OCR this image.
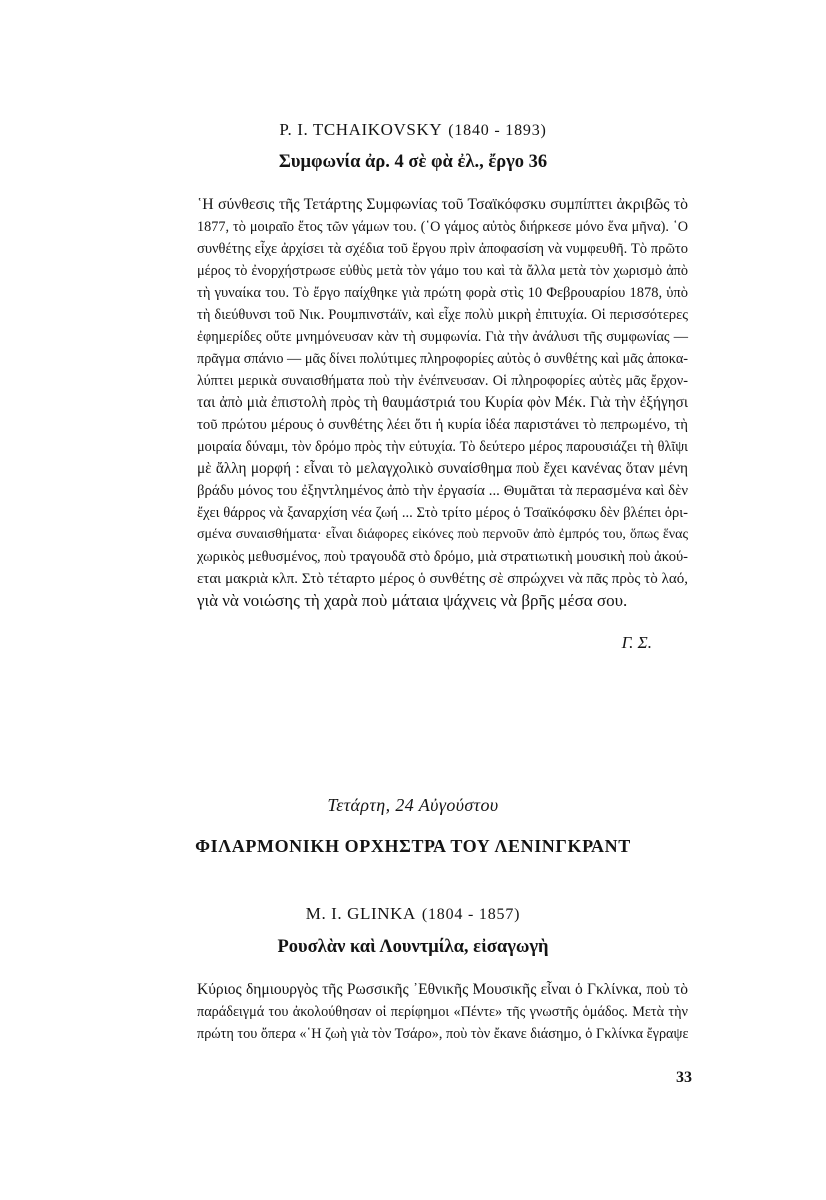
P. I. TCHAIKOVSKY (1840 - 1893)
Συμφωνία ἀρ. 4 σὲ φὰ ἐλ., ἔργο 36
῾Η σύνθεσις τῆς Τετάρτης Συμφωνίας τοῦ Τσαϊκόφσκυ συμπίπτει ἀκριβῶς τὸ
1877, τὸ μοιραῖο ἔτος τῶν γάμων του. (῾Ο γάμος αὐτὸς διήρκεσε μόνο ἕνα μῆνα). ῾Ο
συνθέτης εἶχε ἀρχίσει τὰ σχέδια τοῦ ἔργου πρὶν ἀποφασίση νὰ νυμφευθῆ. Τὸ πρῶτο
μέρος τὸ ἐνορχήστρωσε εὐθὺς μετὰ τὸν γάμο του καὶ τὰ ἄλλα μετὰ τὸν χωρισμὸ ἀπὸ
τὴ γυναίκα του. Τὸ ἔργο παίχθηκε γιὰ πρώτη φορὰ στὶς 10 Φεβρουαρίου 1878, ὑπὸ
τὴ διεύθυνσι τοῦ Νικ. Ρουμπινστάϊν, καὶ εἶχε πολὺ μικρὴ ἐπιτυχία. Οἱ περισσότερες
ἐφημερίδες οὔτε μνημόνευσαν κὰν τὴ συμφωνία. Γιὰ τὴν ἀνάλυσι τῆς συμφωνίας —
πρᾶγμα σπάνιο — μᾶς δίνει πολύτιμες πληροφορίες αὐτὸς ὁ συνθέτης καὶ μᾶς ἀποκα-
λύπτει μερικὰ συναισθήματα ποὺ τὴν ἐνέπνευσαν. Οἱ πληροφορίες αὐτὲς μᾶς ἔρχον-
ται ἀπὸ μιὰ ἐπιστολὴ πρὸς τὴ θαυμάστριά του Κυρία φὸν Μέκ. Γιὰ τὴν ἐξήγησι
τοῦ πρώτου μέρους ὁ συνθέτης λέει ὅτι ἡ κυρία ἰδέα παριστάνει τὸ πεπρωμένο, τὴ
μοιραία δύναμι, τὸν δρόμο πρὸς τὴν εὐτυχία. Τὸ δεύτερο μέρος παρουσιάζει τὴ θλῖψι
μὲ ἄλλη μορφή : εἶναι τὸ μελαγχολικὸ συναίσθημα ποὺ ἔχει κανένας ὅταν μένη
βράδυ μόνος του ἐξηντλημένος ἀπὸ τὴν ἐργασία ... Θυμᾶται τὰ περασμένα καὶ δὲν
ἔχει θάρρος νὰ ξαναρχίση νέα ζωή ... Στὸ τρίτο μέρος ὁ Τσαϊκόφσκυ δὲν βλέπει ὁρι-
σμένα συναισθήματα· εἶναι διάφορες εἰκόνες ποὺ περνοῦν ἀπὸ ἐμπρός του, ὅπως ἕνας
χωρικὸς μεθυσμένος, ποὺ τραγουδᾶ στὸ δρόμο, μιὰ στρατιωτικὴ μουσικὴ ποὺ ἀκού-
εται μακριὰ κλπ. Στὸ τέταρτο μέρος ὁ συνθέτης σὲ σπρώχνει νὰ πᾶς πρὸς τὸ λαό,
γιὰ νὰ νοιώσης τὴ χαρὰ ποὺ μάταια ψάχνεις νὰ βρῆς μέσα σου.
Γ. Σ.
Τετάρτη, 24 Αὐγούστου
ΦΙΛΑΡΜΟΝΙΚΗ ΟΡΧΗΣΤΡΑ ΤΟΥ ΛΕΝΙΝΓΚΡΑΝΤ
M. I. GLINKA (1804 - 1857)
Ρουσλὰν καὶ Λουντμίλα, εἰσαγωγὴ
Κύριος δημιουργὸς τῆς Ρωσσικῆς ᾿Εθνικῆς Μουσικῆς εἶναι ὁ Γκλίνκα, ποὺ τὸ
παράδειγμά του ἀκολούθησαν οἱ περίφημοι «Πέντε» τῆς γνωστῆς ὁμάδος. Μετὰ τὴν
πρώτη του ὄπερα «῾Η ζωὴ γιὰ τὸν Τσάρο», ποὺ τὸν ἔκανε διάσημο, ὁ Γκλίνκα ἔγραψε
33
